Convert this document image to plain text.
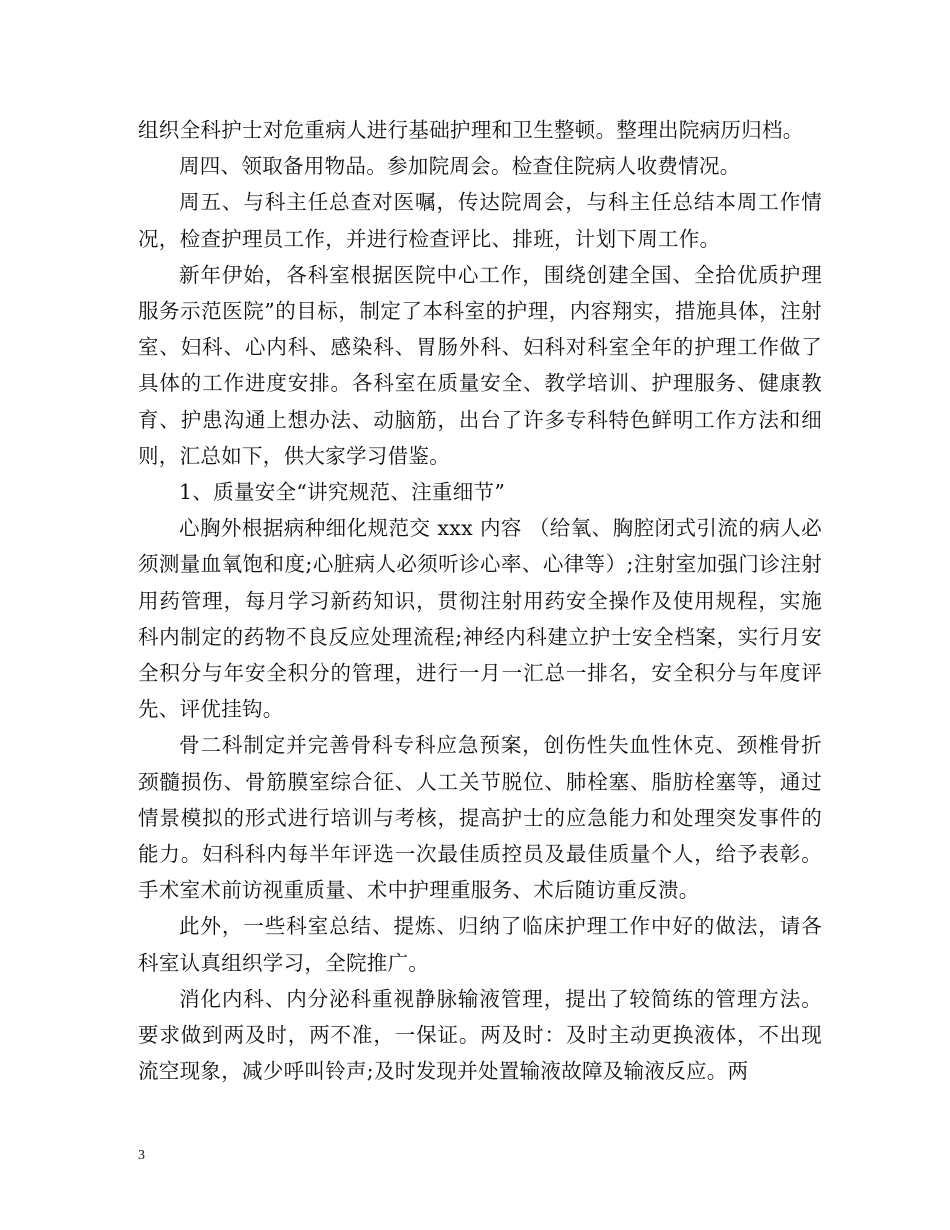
组织全科护士对危重病人进行基础护理和卫生整顿。整理出院病历归档。

周四、领取备用物品。参加院周会。检查住院病人收费情况。

周五、与科主任总查对医嘱，传达院周会，与科主任总结本周工作情况，检查护理员工作，并进行检查评比、排班，计划下周工作。

新年伊始，各科室根据医院中心工作，围绕创建全国、全拾优质护理服务示范医院”的目标，制定了本科室的护理，内容翔实，措施具体，注射室、妇科、心内科、感染科、胃肠外科、妇科对科室全年的护理工作做了具体的工作进度安排。各科室在质量安全、教学培训、护理服务、健康教育、护患沟通上想办法、动脑筋，出台了许多专科特色鲜明工作方法和细则，汇总如下，供大家学习借鉴。

1、质量安全“讲究规范、注重细节”

心胸外根据病种细化规范交 xxx 内容 （给氧、胸腔闭式引流的病人必须测量血氧饱和度;心脏病人必须听诊心率、心律等）;注射室加强门诊注射用药管理，每月学习新药知识，贯彻注射用药安全操作及使用规程，实施科内制定的药物不良反应处理流程;神经内科建立护士安全档案，实行月安全积分与年安全积分的管理，进行一月一汇总一排名，安全积分与年度评先、评优挂钩。

骨二科制定并完善骨科专科应急预案，创伤性失血性休克、颈椎骨折颈髓损伤、骨筋膜室综合征、人工关节脱位、肺栓塞、脂肪栓塞等，通过情景模拟的形式进行培训与考核，提高护士的应急能力和处理突发事件的能力。妇科科内每半年评选一次最佳质控员及最佳质量个人，给予表彰。手术室术前访视重质量、术中护理重服务、术后随访重反溃。

此外，一些科室总结、提炼、归纳了临床护理工作中好的做法，请各科室认真组织学习，全院推广。

消化内科、内分泌科重视静脉输液管理，提出了较简练的管理方法。要求做到两及时，两不准，一保证。两及时：及时主动更换液体，不出现流空现象，减少呼叫铃声;及时发现并处置输液故障及输液反应。两

3
